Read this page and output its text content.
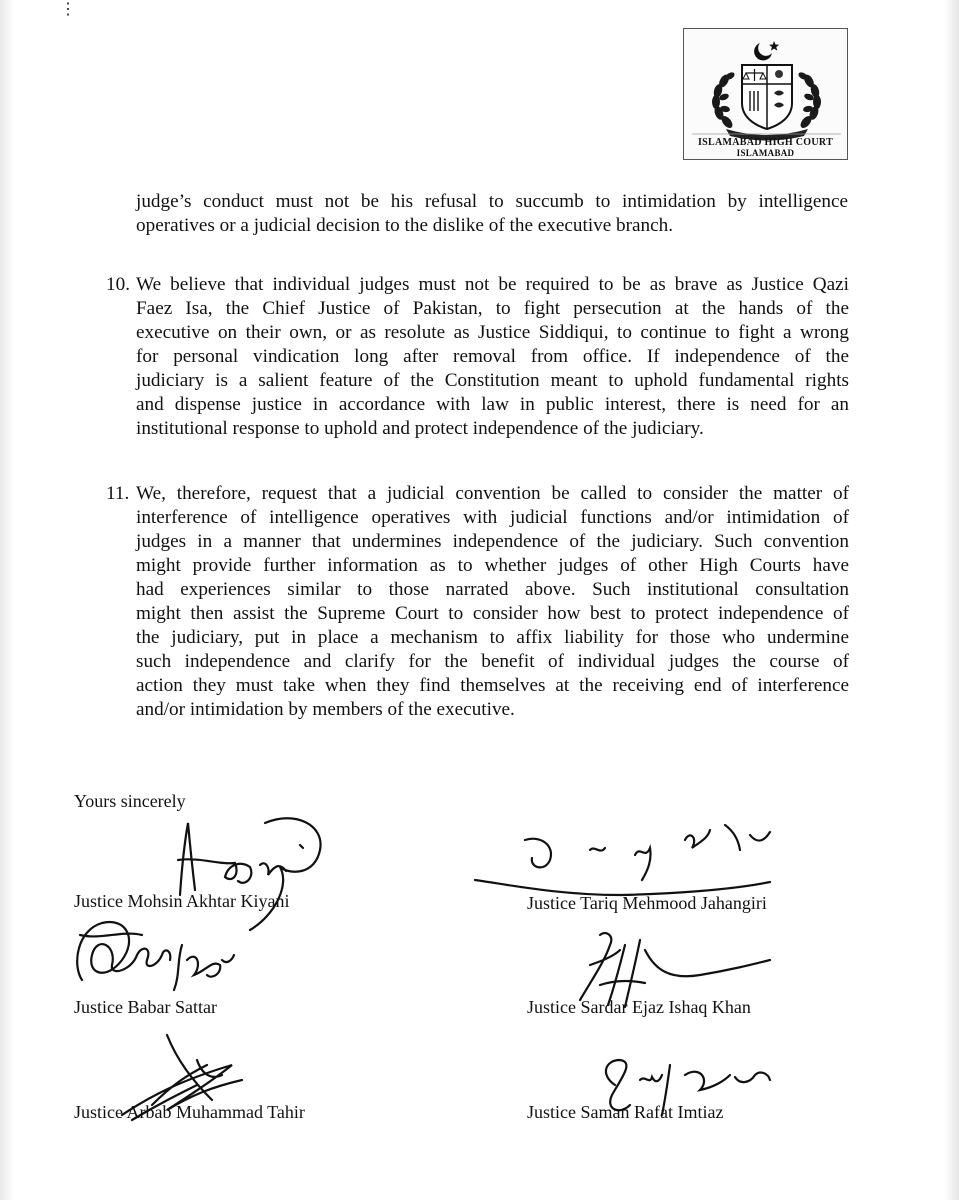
⋮
ISLAMABAD HIGH COURT
ISLAMABAD
judge’s conduct must not be his refusal to succumb to intimidation by intelligence
operatives or a judicial decision to the dislike of the executive branch.
10. We believe that individual judges must not be required to be as brave as Justice Qazi
Faez Isa, the Chief Justice of Pakistan, to fight persecution at the hands of the
executive on their own, or as resolute as Justice Siddiqui, to continue to fight a wrong
for personal vindication long after removal from office. If independence of the
judiciary is a salient feature of the Constitution meant to uphold fundamental rights
and dispense justice in accordance with law in public interest, there is need for an
institutional response to uphold and protect independence of the judiciary.
11. We, therefore, request that a judicial convention be called to consider the matter of
interference of intelligence operatives with judicial functions and/or intimidation of
judges in a manner that undermines independence of the judiciary. Such convention
might provide further information as to whether judges of other High Courts have
had experiences similar to those narrated above. Such institutional consultation
might then assist the Supreme Court to consider how best to protect independence of
the judiciary, put in place a mechanism to affix liability for those who undermine
such independence and clarify for the benefit of individual judges the course of
action they must take when they find themselves at the receiving end of interference
and/or intimidation by members of the executive.
Yours sincerely
Justice Mohsin Akhtar Kiyani
Justice Babar Sattar
Justice Arbab Muhammad Tahir
Justice Tariq Mehmood Jahangiri
Justice Sardar Ejaz Ishaq Khan
Justice Saman Rafat Imtiaz
